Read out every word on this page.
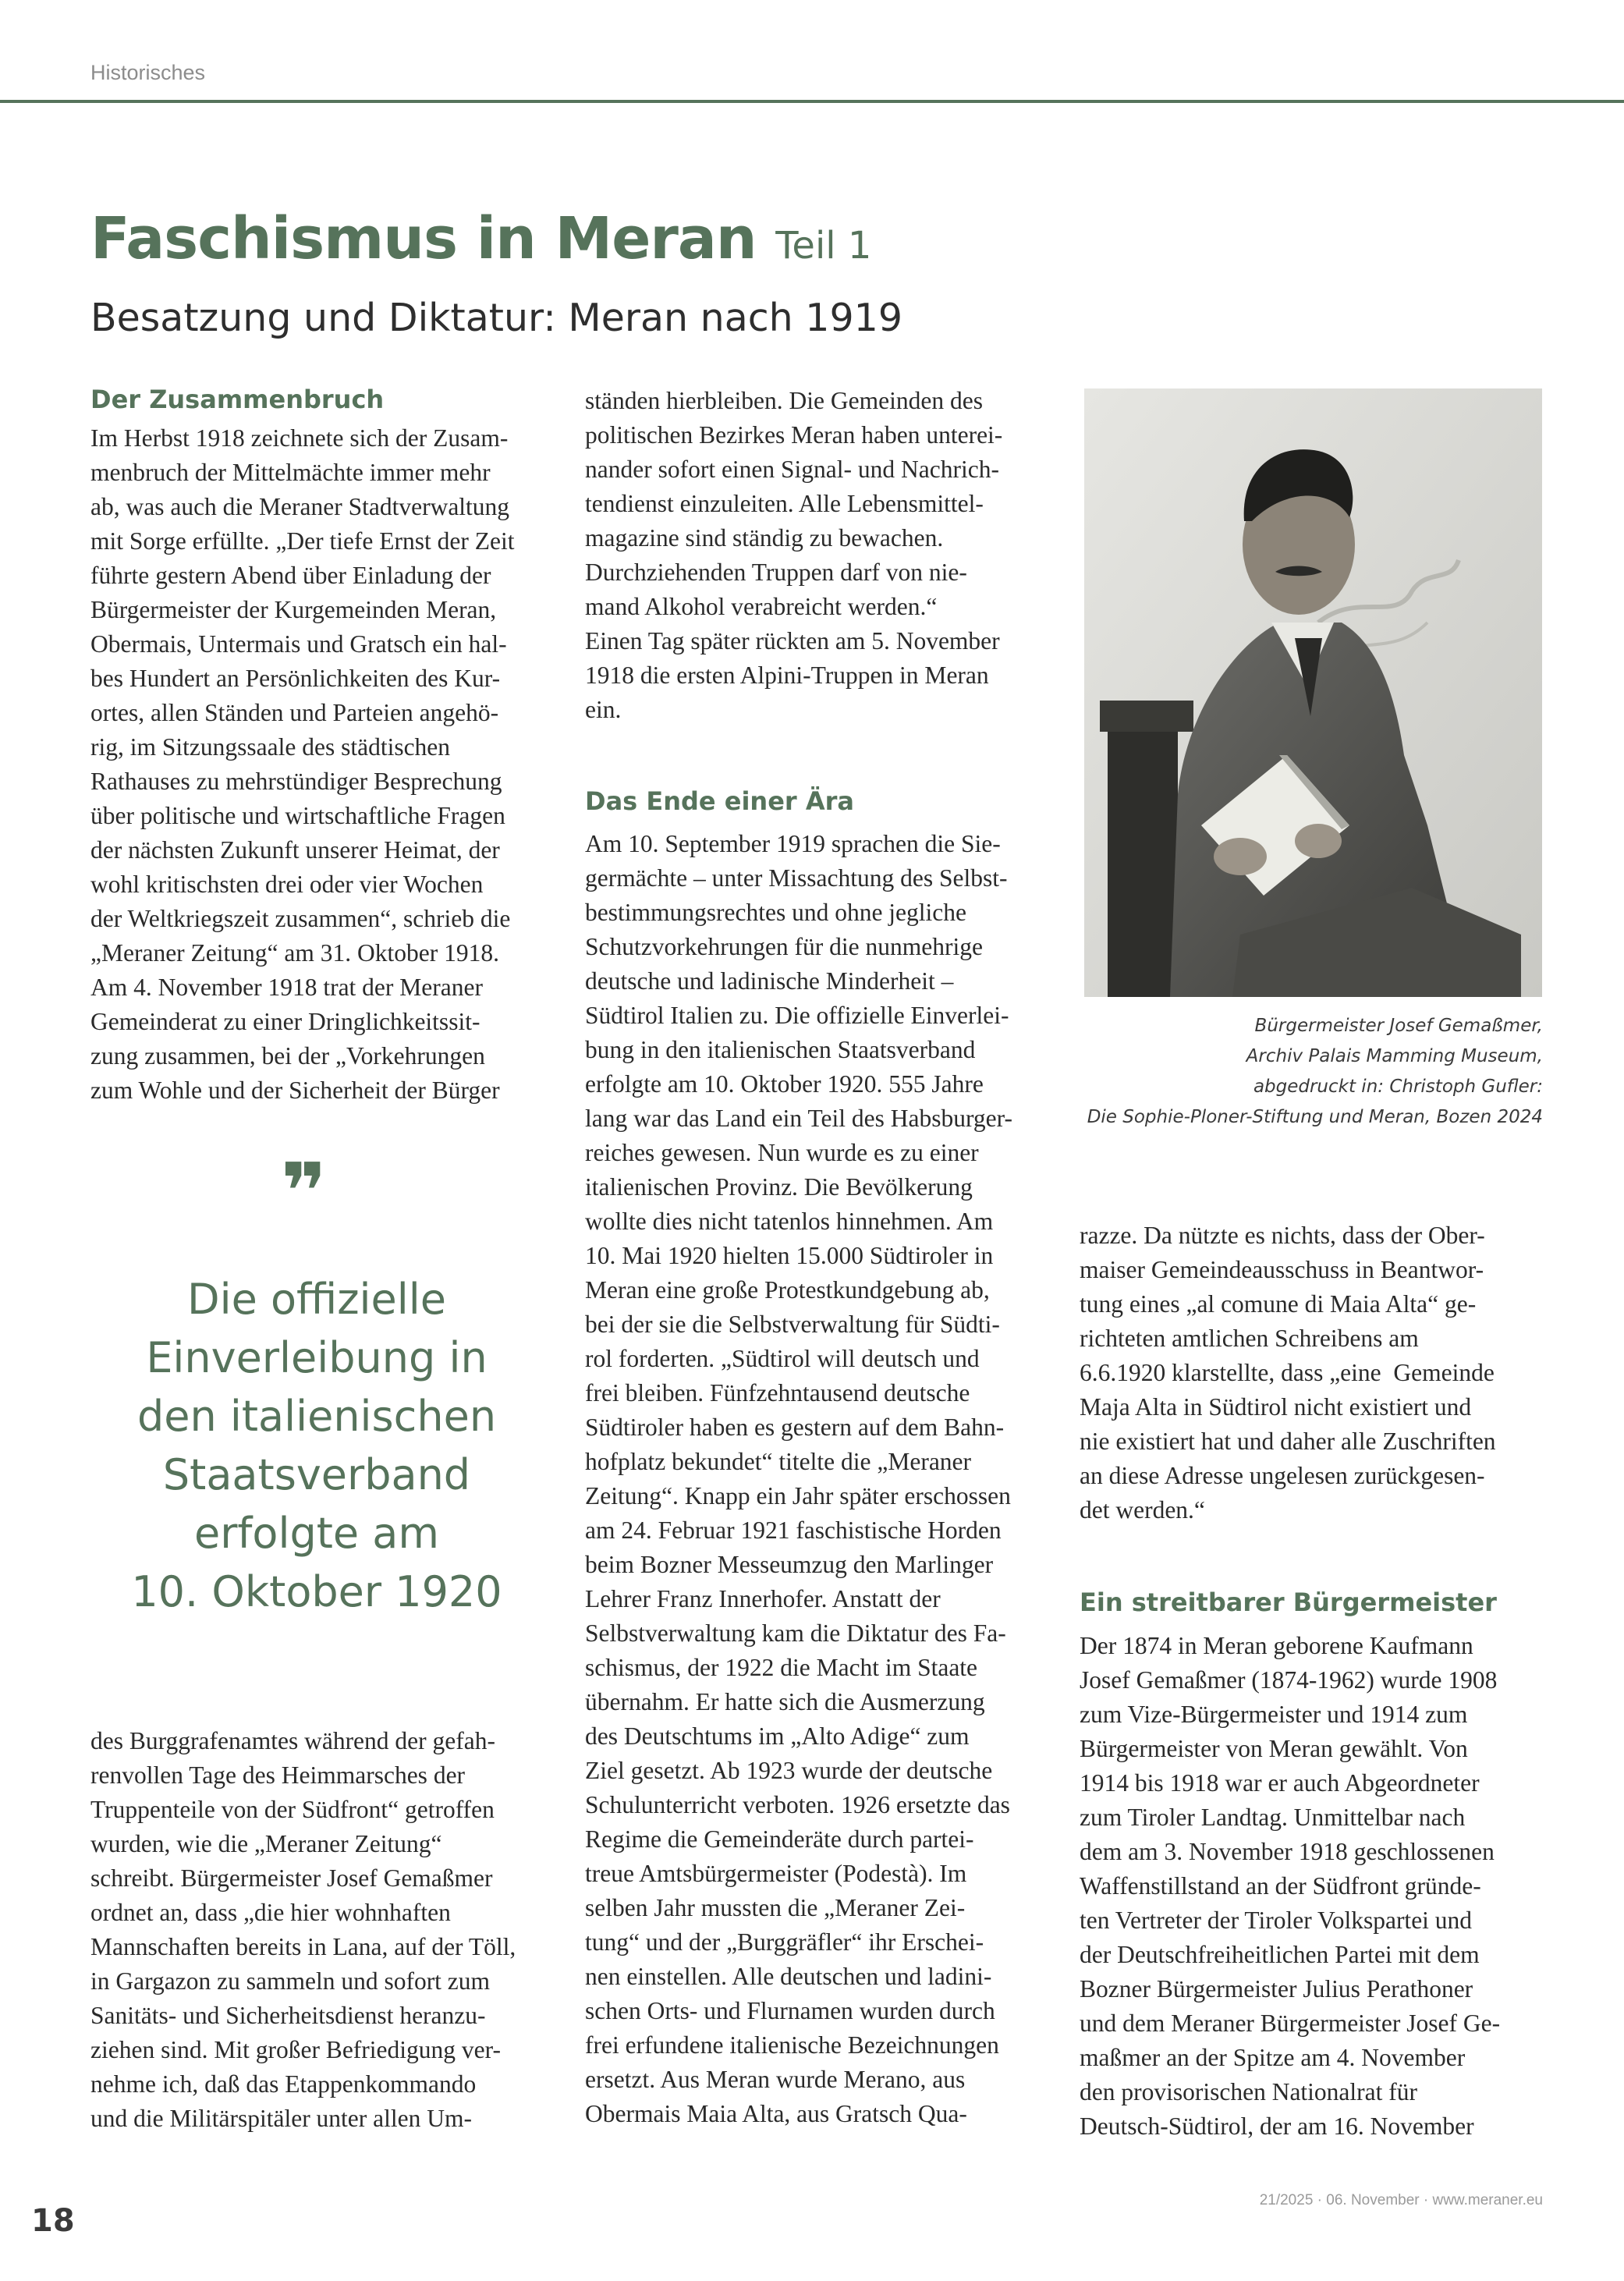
Historisches
Faschismus in Meran Teil 1
Besatzung und Diktatur: Meran nach 1919
Der Zusammenbruch

Im Herbst 1918 zeichnete sich der Zusam-
menbruch der Mittelmächte immer mehr
ab, was auch die Meraner Stadtverwaltung
mit Sorge erfüllte. „Der tiefe Ernst der Zeit
führte gestern Abend über Einladung der
Bürgermeister der Kurgemeinden Meran,
Obermais, Untermais und Gratsch ein hal-
bes Hundert an Persönlichkeiten des Kur-
ortes, allen Ständen und Parteien angehö-
rig, im Sitzungssaale des städtischen
Rathauses zu mehrstündiger Besprechung
über politische und wirtschaftliche Fragen
der nächsten Zukunft unserer Heimat, der
wohl kritischsten drei oder vier Wochen
der Weltkriegszeit zusammen“, schrieb die
„Meraner Zeitung“ am 31. Oktober 1918.
Am 4. November 1918 trat der Meraner
Gemeinderat zu einer Dringlichkeitssit-
zung zusammen, bei der „Vorkehrungen
zum Wohle und der Sicherheit der Bürger

❞
Die offizielle
Einverleibung in
den italienischen
Staatsverband
erfolgte am
10. Oktober 1920

des Burggrafenamtes während der gefah-
renvollen Tage des Heimmarsches der
Truppenteile von der Südfront“ getroffen
wurden, wie die „Meraner Zeitung“
schreibt. Bürgermeister Josef Gemaßmer
ordnet an, dass „die hier wohnhaften
Mannschaften bereits in Lana, auf der Töll,
in Gargazon zu sammeln und sofort zum
Sanitäts- und Sicherheitsdienst heranzu-
ziehen sind. Mit großer Befriedigung ver-
nehme ich, daß das Etappenkommando
und die Militärspitäler unter allen Um-

ständen hierbleiben. Die Gemeinden des
politischen Bezirkes Meran haben unterei-
nander sofort einen Signal- und Nachrich-
tendienst einzuleiten. Alle Lebensmittel-
magazine sind ständig zu bewachen.
Durchziehenden Truppen darf von nie-
mand Alkohol verabreicht werden.“
Einen Tag später rückten am 5. November
1918 die ersten Alpini-Truppen in Meran
ein.

Das Ende einer Ära

Am 10. September 1919 sprachen die Sie-
germächte – unter Missachtung des Selbst-
bestimmungsrechtes und ohne jegliche
Schutzvorkehrungen für die nunmehrige
deutsche und ladinische Minderheit –
Südtirol Italien zu. Die offizielle Einverlei-
bung in den italienischen Staatsverband
erfolgte am 10. Oktober 1920. 555 Jahre
lang war das Land ein Teil des Habsburger-
reiches gewesen. Nun wurde es zu einer
italienischen Provinz. Die Bevölkerung
wollte dies nicht tatenlos hinnehmen. Am
10. Mai 1920 hielten 15.000 Südtiroler in
Meran eine große Protestkundgebung ab,
bei der sie die Selbstverwaltung für Südti-
rol forderten. „Südtirol will deutsch und
frei bleiben. Fünfzehntausend deutsche
Südtiroler haben es gestern auf dem Bahn-
hofplatz bekundet“ titelte die „Meraner
Zeitung“. Knapp ein Jahr später erschossen
am 24. Februar 1921 faschistische Horden
beim Bozner Messeumzug den Marlinger
Lehrer Franz Innerhofer. Anstatt der
Selbstverwaltung kam die Diktatur des Fa-
schismus, der 1922 die Macht im Staate
übernahm. Er hatte sich die Ausmerzung
des Deutschtums im „Alto Adige“ zum
Ziel gesetzt. Ab 1923 wurde der deutsche
Schulunterricht verboten. 1926 ersetzte das
Regime die Gemeinderäte durch partei-
treue Amtsbürgermeister (Podestà). Im
selben Jahr mussten die „Meraner Zei-
tung“ und der „Burggräfler“ ihr Erschei-
nen einstellen. Alle deutschen und ladini-
schen Orts- und Flurnamen wurden durch
frei erfundene italienische Bezeichnungen
ersetzt. Aus Meran wurde Merano, aus
Obermais Maia Alta, aus Gratsch Qua-

Bürgermeister Josef Gemaßmer,
Archiv Palais Mamming Museum,
abgedruckt in: Christoph Gufler:
Die Sophie-Ploner-Stiftung und Meran, Bozen 2024

razze. Da nützte es nichts, dass der Ober-
maiser Gemeindeausschuss in Beantwor-
tung eines „al comune di Maia Alta“ ge-
richteten amtlichen Schreibens am
6.6.1920 klarstellte, dass „eine  Gemeinde
Maja Alta in Südtirol nicht existiert und
nie existiert hat und daher alle Zuschriften
an diese Adresse ungelesen zurückgesen-
det werden.“

Ein streitbarer Bürgermeister

Der 1874 in Meran geborene Kaufmann
Josef Gemaßmer (1874-1962) wurde 1908
zum Vize-Bürgermeister und 1914 zum
Bürgermeister von Meran gewählt. Von
1914 bis 1918 war er auch Abgeordneter
zum Tiroler Landtag. Unmittelbar nach
dem am 3. November 1918 geschlossenen
Waffenstillstand an der Südfront gründe-
ten Vertreter der Tiroler Volkspartei und
der Deutschfreiheitlichen Partei mit dem
Bozner Bürgermeister Julius Perathoner
und dem Meraner Bürgermeister Josef Ge-
maßmer an der Spitze am 4. November
den provisorischen Nationalrat für
Deutsch-Südtirol, der am 16. November

18
21/2025 · 06. November · www.meraner.eu
